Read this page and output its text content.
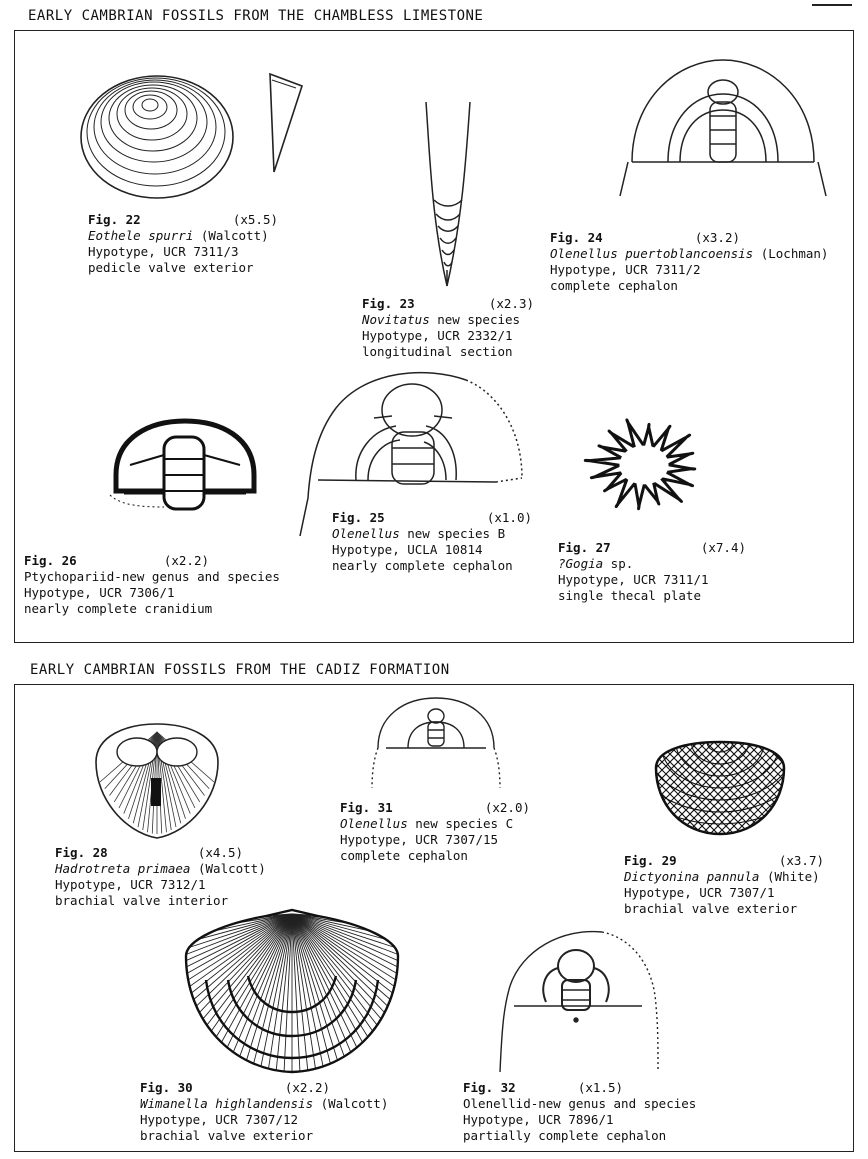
EARLY CAMBRIAN FOSSILS FROM THE CHAMBLESS LIMESTONE
Fig. 22	(x5.5)
Eothele spurri (Walcott)
Hypotype, UCR 7311/3
pedicle valve exterior
Fig. 23	(x2.3)
Novitatus new species
Hypotype, UCR 2332/1
longitudinal section
Fig. 24	(x3.2)
Olenellus puertoblancoensis (Lochman)
Hypotype, UCR 7311/2
complete cephalon
Fig. 26	(x2.2)
Ptychopariid-new genus and species
Hypotype, UCR 7306/1
nearly complete cranidium
Fig. 25	(x1.0)
Olenellus new species B
Hypotype, UCLA 10814
nearly complete cephalon
Fig. 27	(x7.4)
?Gogia sp.
Hypotype, UCR 7311/1
single thecal plate
EARLY CAMBRIAN FOSSILS FROM THE CADIZ FORMATION
Fig. 28	(x4.5)
Hadrotreta primaea (Walcott)
Hypotype, UCR 7312/1
brachial valve interior
Fig. 31	(x2.0)
Olenellus new species C
Hypotype, UCR 7307/15
complete cephalon	Fig. 29	(x3.7)
Dictyonina pannula (White)
Hypotype, UCR 7307/1
brachial valve exterior
Fig. 30	(x2.2)
Wimanella highlandensis (Walcott)
Hypotype, UCR 7307/12
brachial valve exterior
Fig. 32	(x1.5)
Olenellid-new genus and species
Hypotype, UCR 7896/1
partially complete cephalon
